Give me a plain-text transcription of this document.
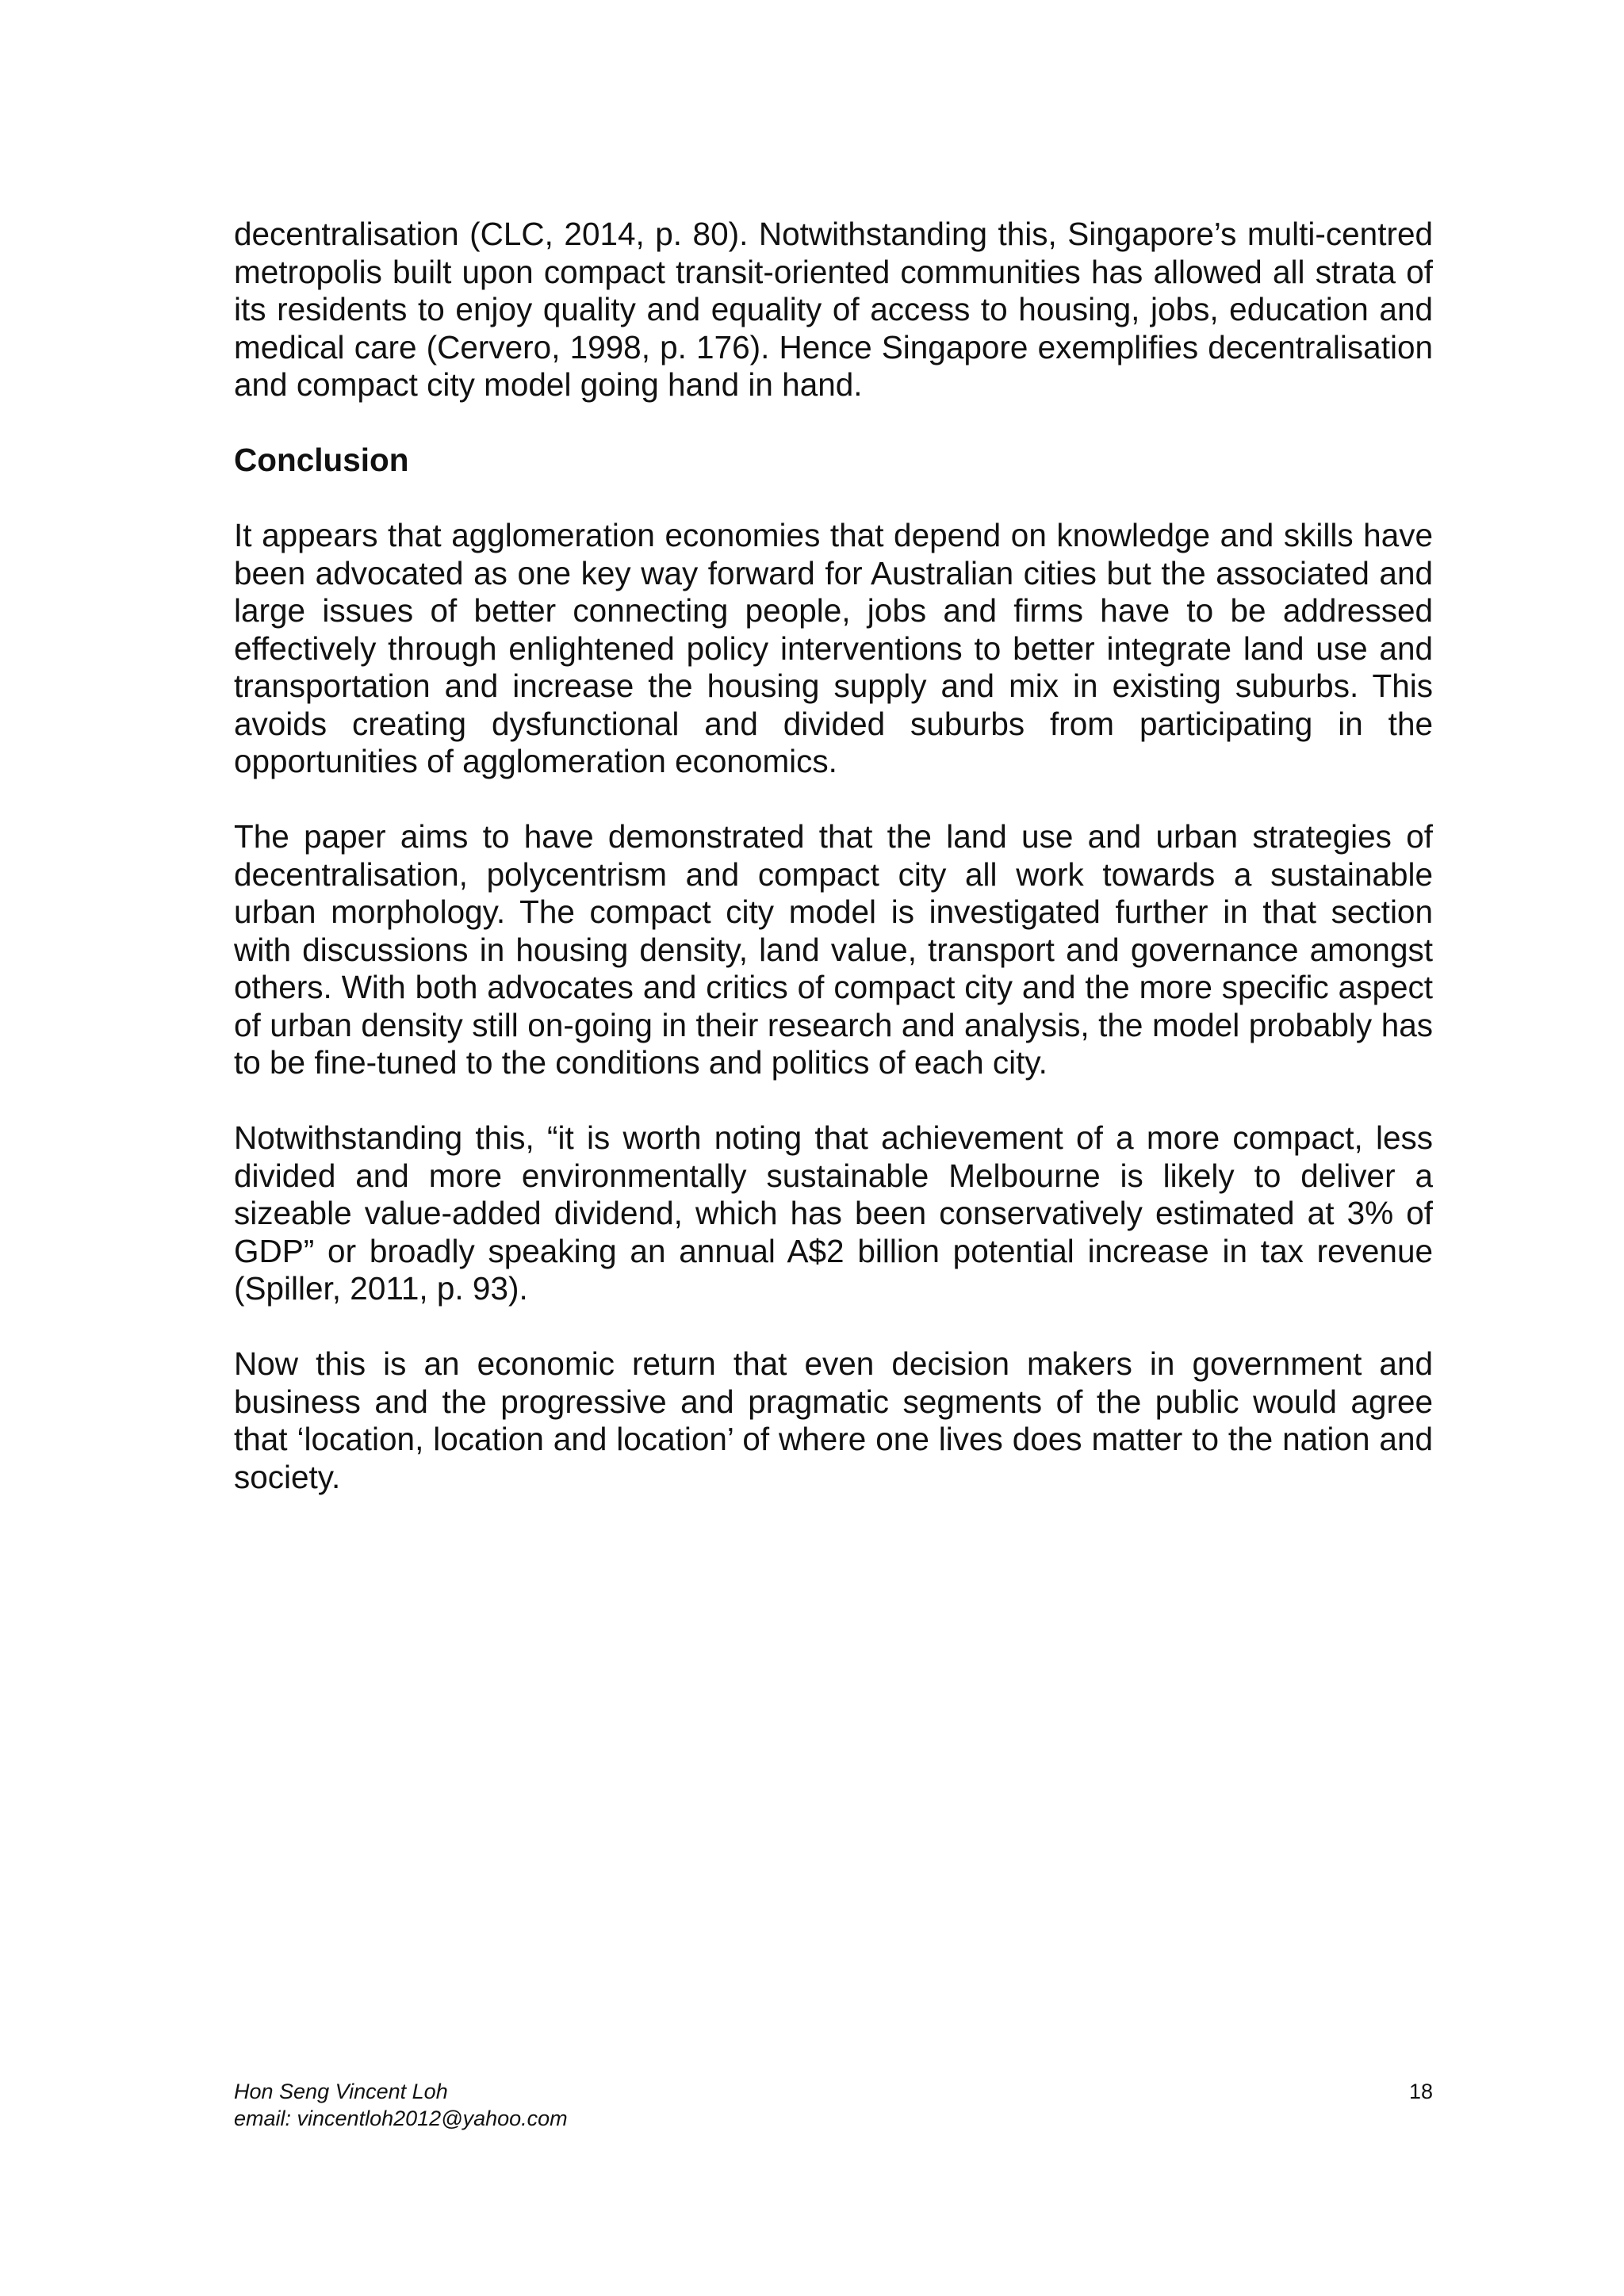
decentralisation (CLC, 2014, p. 80). Notwithstanding this, Singapore’s multi-centred metropolis built upon compact transit-oriented communities has allowed all strata of its residents to enjoy quality and equality of access to housing, jobs, education and medical care (Cervero, 1998, p. 176). Hence Singapore exemplifies decentralisation and compact city model going hand in hand.

Conclusion

It appears that agglomeration economies that depend on knowledge and skills have been advocated as one key way forward for Australian cities but the associated and large issues of better connecting people, jobs and firms have to be addressed effectively through enlightened policy interventions to better integrate land use and transportation and increase the housing supply and mix in existing suburbs. This avoids creating dysfunctional and divided suburbs from participating in the opportunities of agglomeration economics.

The paper aims to have demonstrated that the land use and urban strategies of decentralisation, polycentrism and compact city all work towards a sustainable urban morphology. The compact city model is investigated further in that section with discussions in housing density, land value, transport and governance amongst others. With both advocates and critics of compact city and the more specific aspect of urban density still on-going in their research and analysis, the model probably has to be fine-tuned to the conditions and politics of each city.

Notwithstanding this, “it is worth noting that achievement of a more compact, less divided and more environmentally sustainable Melbourne is likely to deliver a sizeable value-added dividend, which has been conservatively estimated at 3% of GDP” or broadly speaking an annual A$2 billion potential increase in tax revenue (Spiller, 2011, p. 93).

Now this is an economic return that even decision makers in government and business and the progressive and pragmatic segments of the public would agree that ‘location, location and location’ of where one lives does matter to the nation and society.

Hon Seng Vincent Loh
email: vincentloh2012@yahoo.com
18
